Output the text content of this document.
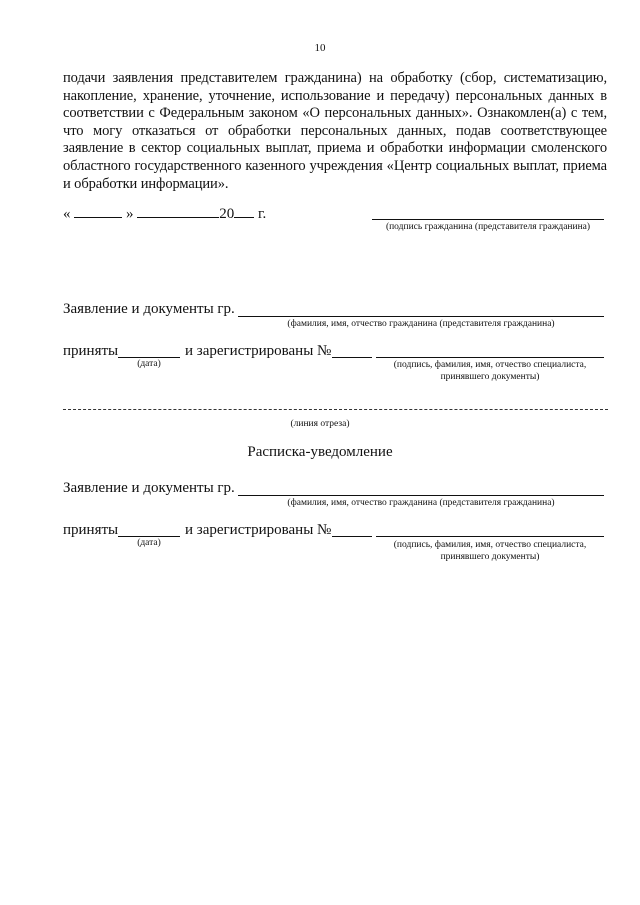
10
подачи заявления представителем гражданина) на обработку (сбор, систематизацию, накопление, хранение, уточнение, использование и передачу) персональных данных в соответствии с Федеральным законом «О персональных данных». Ознакомлен(а) с тем, что могу отказаться от обработки персональных данных, подав соответствующее заявление в сектор социальных выплат, приема и обработки информации смоленского областного государственного казенного учреждения «Центр социальных выплат, приема и обработки информации».
«	»	20 г.
(подпись гражданина (представителя гражданина)
Заявление и документы гр.
(фамилия, имя, отчество гражданина (представителя гражданина)
приняты
(дата)
и зарегистрированы №
(подпись, фамилия, имя, отчество специалиста,
принявшего документы)
(линия отреза)
Расписка-уведомление
Заявление и документы гр.
(фамилия, имя, отчество гражданина (представителя гражданина)
приняты
(дата)
и зарегистрированы №
(подпись, фамилия, имя, отчество специалиста,
принявшего документы)
